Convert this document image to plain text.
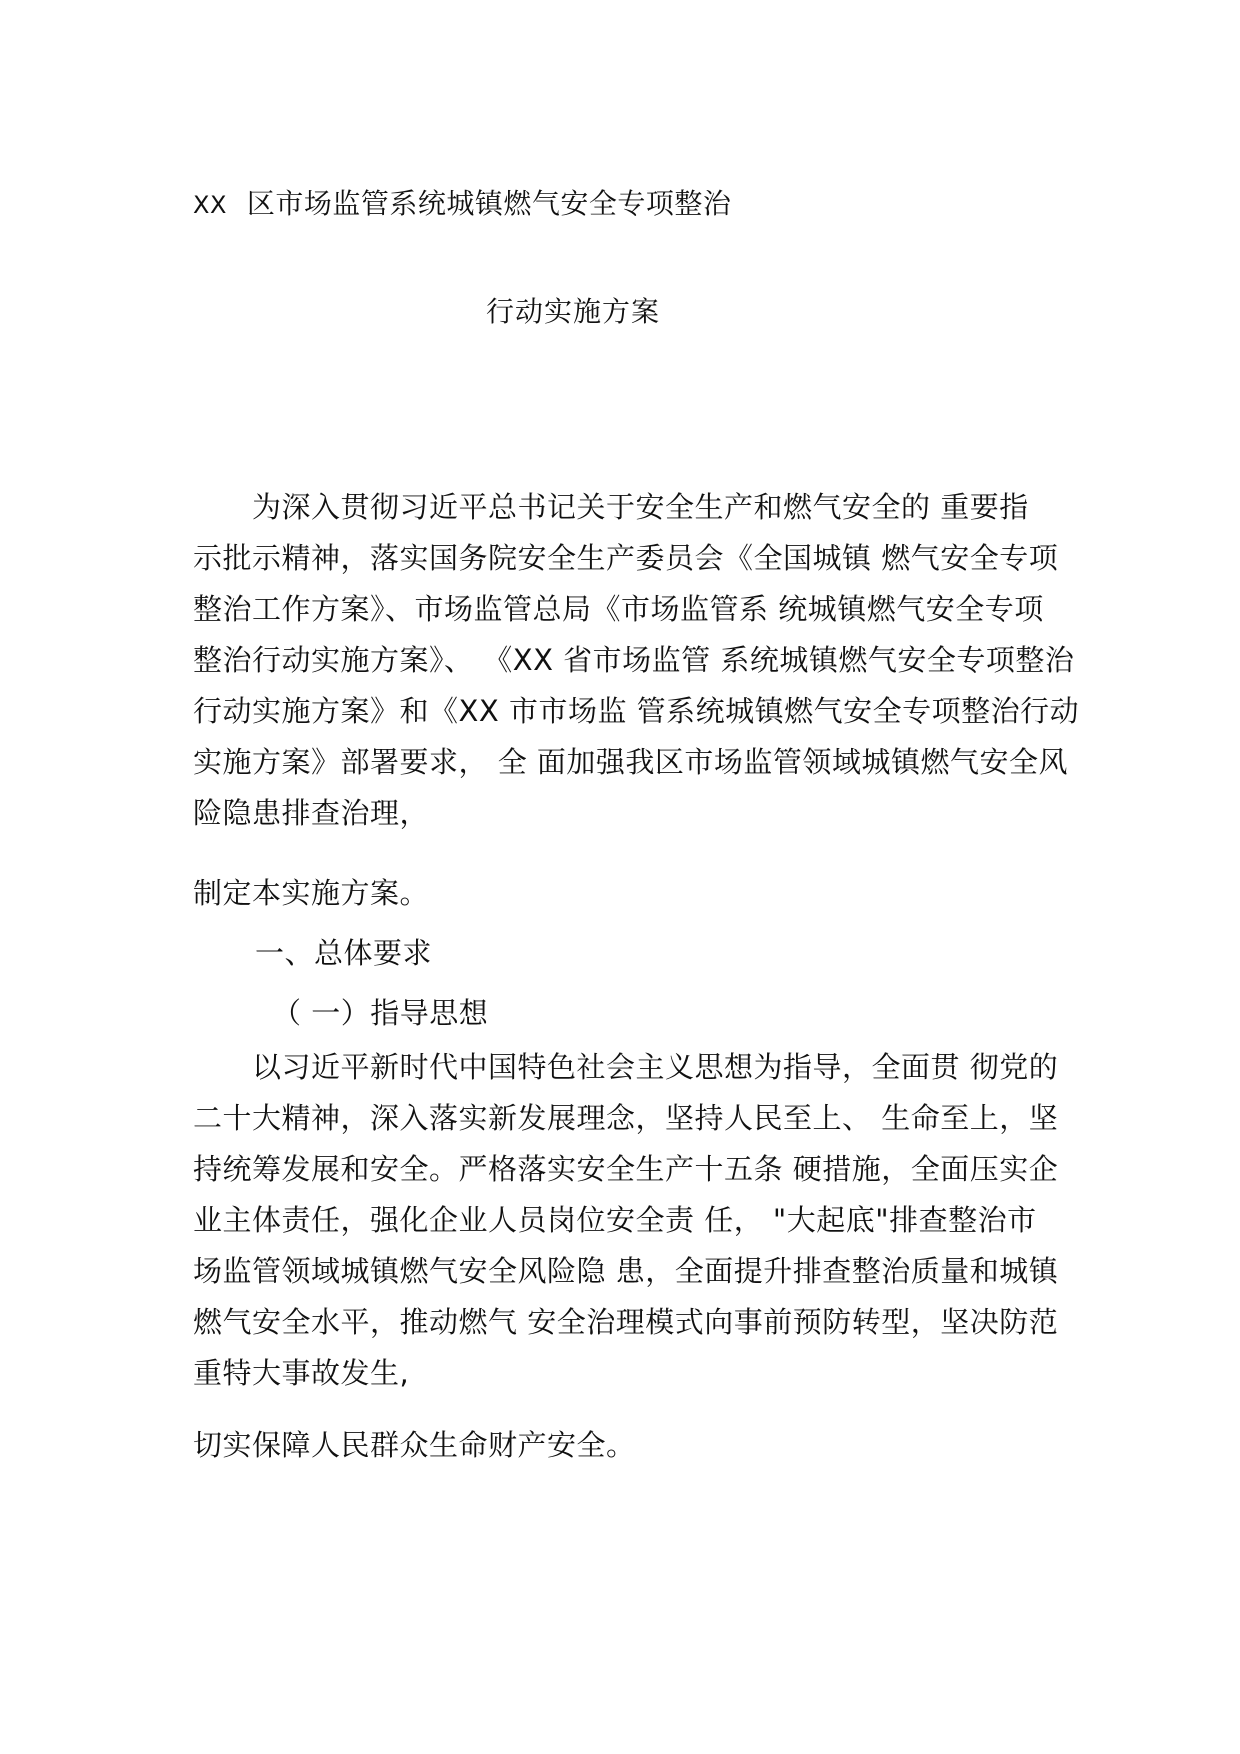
XX 区市场监管系统城镇燃气安全专项整治
行动实施方案
　　为深入贯彻习近平总书记关于安全生产和燃气安全的 重要指
示批示精神，落实国务院安全生产委员会《全国城镇 燃气安全专项
整治工作方案》、市场监管总局《市场监管系 统城镇燃气安全专项
整治行动实施方案》、 《XX 省市场监管 系统城镇燃气安全专项整治
行动实施方案》和《XX 市市场监 管系统城镇燃气安全专项整治行动
实施方案》部署要求， 全 面加强我区市场监管领域城镇燃气安全风
险隐患排查治理，
制定本实施方案。
一、总体要求
（ 一）指导思想
　　以习近平新时代中国特色社会主义思想为指导，全面贯 彻党的
二十大精神，深入落实新发展理念，坚持人民至上、 生命至上，坚
持统筹发展和安全。严格落实安全生产十五条 硬措施，全面压实企
业主体责任，强化企业人员岗位安全责 任， "大起底"排查整治市
场监管领域城镇燃气安全风险隐 患，全面提升排查整治质量和城镇
燃气安全水平，推动燃气 安全治理模式向事前预防转型，坚决防范
重特大事故发生,
切实保障人民群众生命财产安全。
